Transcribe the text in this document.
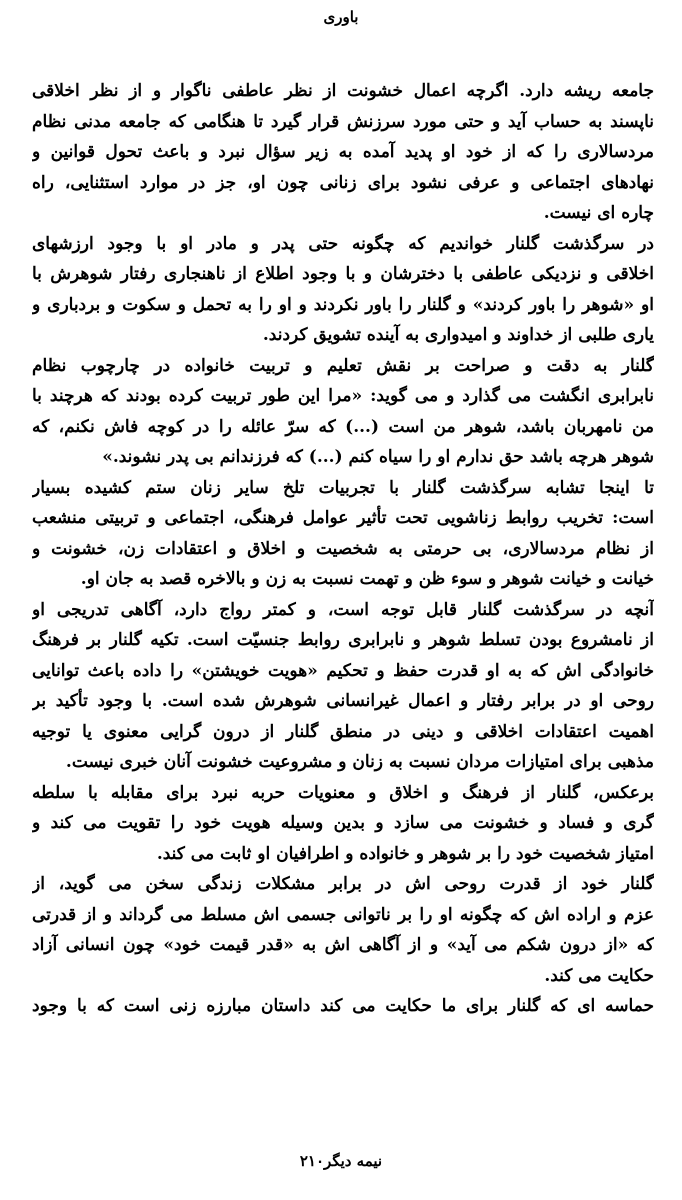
باوری
جامعه ریشه دارد. اگرچه اعمال خشونت از نظر عاطفی ناگوار و از نظر اخلاقی
ناپسند به حساب آید و حتی مورد سرزنش قرار گیرد تا هنگامی که جامعه مدنی نظام
مردسالاری را که از خود او پدید آمده به زیر سؤال نبرد و باعث تحول قوانین و
نهادهای اجتماعی و عرفی نشود برای زنانی چون او، جز در موارد استثنایی، راه
چاره ای نیست.
در سرگذشت گلنار خواندیم که چگونه حتی پدر و مادر او با وجود ارزشهای
اخلاقی و نزدیکی عاطفی با دخترشان و با وجود اطلاع از ناهنجاری رفتار شوهرش با
او «شوهر را باور کردند» و گلنار را باور نکردند و او را به تحمل و سکوت و بردباری و
یاری طلبی از خداوند و امیدواری به آینده تشویق کردند.
گلنار به دقت و صراحت بر نقش تعلیم و تربیت خانواده در چارچوب نظام
نابرابری انگشت می گذارد و می گوید: «مرا این طور تربیت کرده بودند که هرچند با
من نامهربان باشد، شوهر من است (...) که سرّ عائله را در کوچه فاش نکنم، که
شوهر هرچه باشد حق ندارم او را سیاه کنم (...) که فرزندانم بی پدر نشوند.»
تا اینجا تشابه سرگذشت گلنار با تجربیات تلخ سایر زنان ستم کشیده بسیار
است: تخریب روابط زناشویی تحت تأثیر عوامل فرهنگی، اجتماعی و تربیتی منشعب
از نظام مردسالاری، بی حرمتی به شخصیت و اخلاق و اعتقادات زن، خشونت و
خیانت و خیانت شوهر و سوء ظن و تهمت نسبت به زن و بالاخره قصد به جان او.
آنچه در سرگذشت گلنار قابل توجه است، و کمتر رواج دارد، آگاهی تدریجی او
از نامشروع بودن تسلط شوهر و نابرابری روابط جنسیّت است. تکیه گلنار بر فرهنگ
خانوادگی اش که به او قدرت حفظ و تحکیم «هویت خویشتن» را داده باعث توانایی
روحی او در برابر رفتار و اعمال غیرانسانی شوهرش شده است. با وجود تأکید بر
اهمیت اعتقادات اخلاقی و دینی در منطق گلنار از درون گرایی معنوی یا توجیه
مذهبی برای امتیازات مردان نسبت به زنان و مشروعیت خشونت آنان خبری نیست.
برعکس، گلنار از فرهنگ و اخلاق و معنویات حربه نبرد برای مقابله با سلطه
گری و فساد و خشونت می سازد و بدین وسیله هویت خود را تقویت می کند و
امتیاز شخصیت خود را بر شوهر و خانواده و اطرافیان او ثابت می کند.
گلنار خود از قدرت روحی اش در برابر مشکلات زندگی سخن می گوید، از
عزم و اراده اش که چگونه او را بر ناتوانی جسمی اش مسلط می گرداند و از قدرتی
که «از درون شکم می آید» و از آگاهی اش به «قدر قیمت خود» چون انسانی آزاد
حکایت می کند.
حماسه ای که گلنار برای ما حکایت می کند داستان مبارزه زنی است که با وجود
نیمه دیگر۲۱۰
